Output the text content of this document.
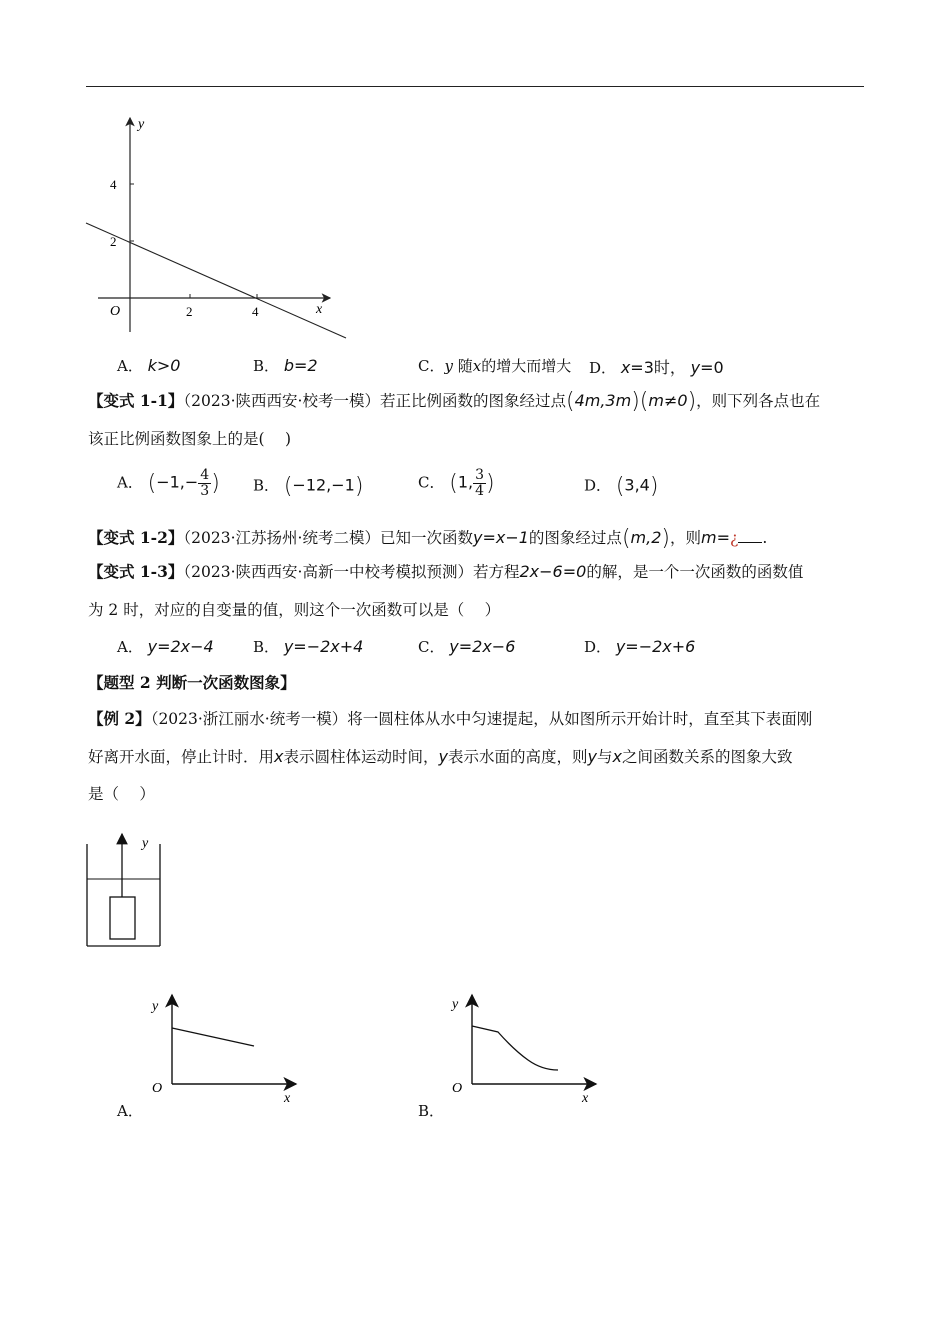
y
x
O
4
2
2	4
A． k>0	B． b=2	C．y 随x的增大而增大 D． x=3时， y=0
【变式 1-1】（2023·陕西西安·校考一模）若正比例函数的图象经过点(4m,3m)(m≠0)，则下列各点也在
该正比例函数图象上的是(　 )
A． ($-1,- \frac{4}{3}$ ) B． (−12,−1)	C． (1, $\frac{3}{4}$ )	D． (3,4)
【变式 1-2】（2023·江苏扬州·统考二模）已知一次函数y=x−1的图象经过点(m,2)，则m=¿ .
【变式 1-3】（2023·陕西西安·高新一中校考模拟预测）若方程2x−6=0的解，是一个一次函数的函数值
为 2 时，对应的自变量的值，则这个一次函数可以是（　 ）
A． y=2x−4	B． y=−2x+4	C． y=2x−6	D． y=−2x+6
【题型 2 判断一次函数图象】
【例 2】（2023·浙江丽水·统考一模）将一圆柱体从水中匀速提起，从如图所示开始计时，直至其下表面刚
好离开水面，停止计时．用x表示圆柱体运动时间，y表示水面的高度，则y与x之间函数关系的图象大致
是（　 ）
y
y
O
x
A．
y
O
x
B．
